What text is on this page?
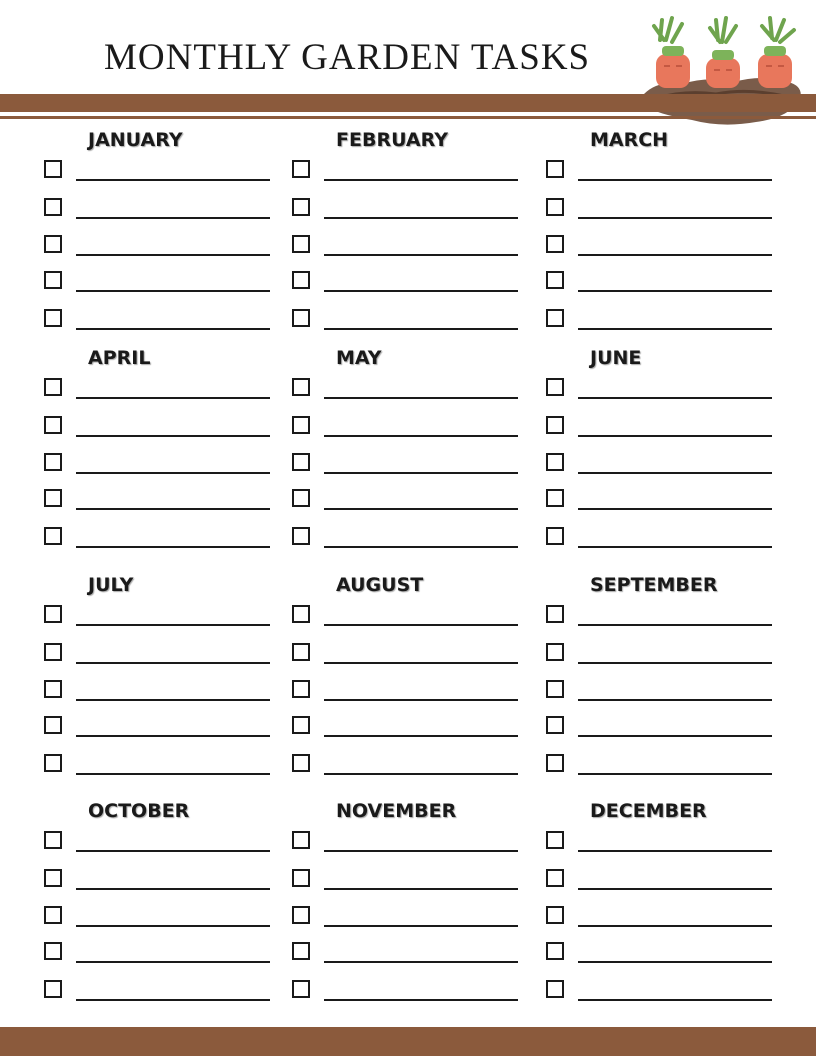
MONTHLY GARDEN TASKS
JANUARY	FEBRUARY	MARCH
APRIL	MAY	JUNE
JULY	AUGUST	SEPTEMBER
OCTOBER	NOVEMBER	DECEMBER
